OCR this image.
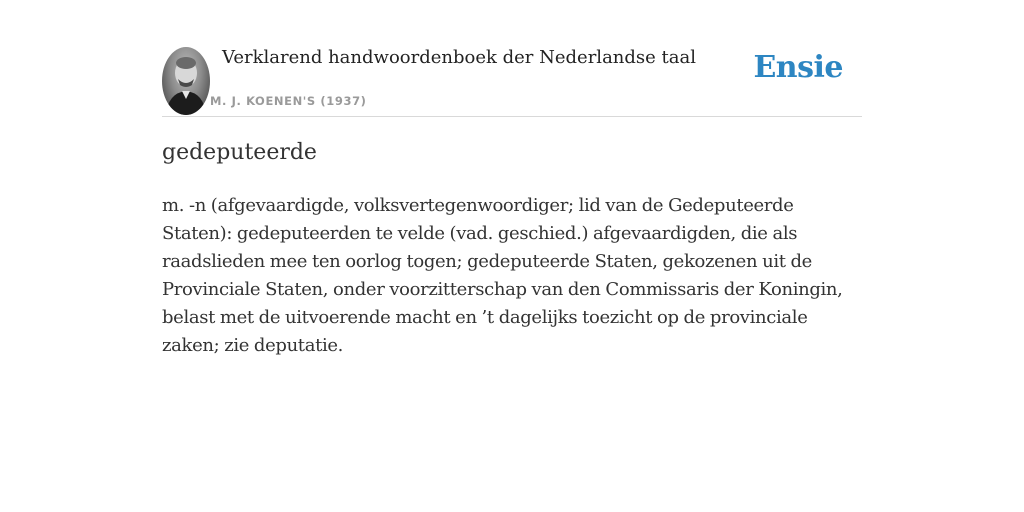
Verklarend handwoordenboek der Nederlandse taal
M. J. KOENEN'S (1937)
Ensie
gedeputeerde
m. -n (afgevaardigde, volksvertegenwoordiger; lid van de Gedeputeerde Staten): gedeputeerden te velde (vad. geschied.) afgevaardigden, die als raadslieden mee ten oorlog togen; gedeputeerde Staten, gekozenen uit de Provinciale Staten, onder voorzitterschap van den Commissaris der Koningin, belast met de uitvoerende macht en ’t dagelijks toezicht op de provinciale zaken; zie deputatie.
